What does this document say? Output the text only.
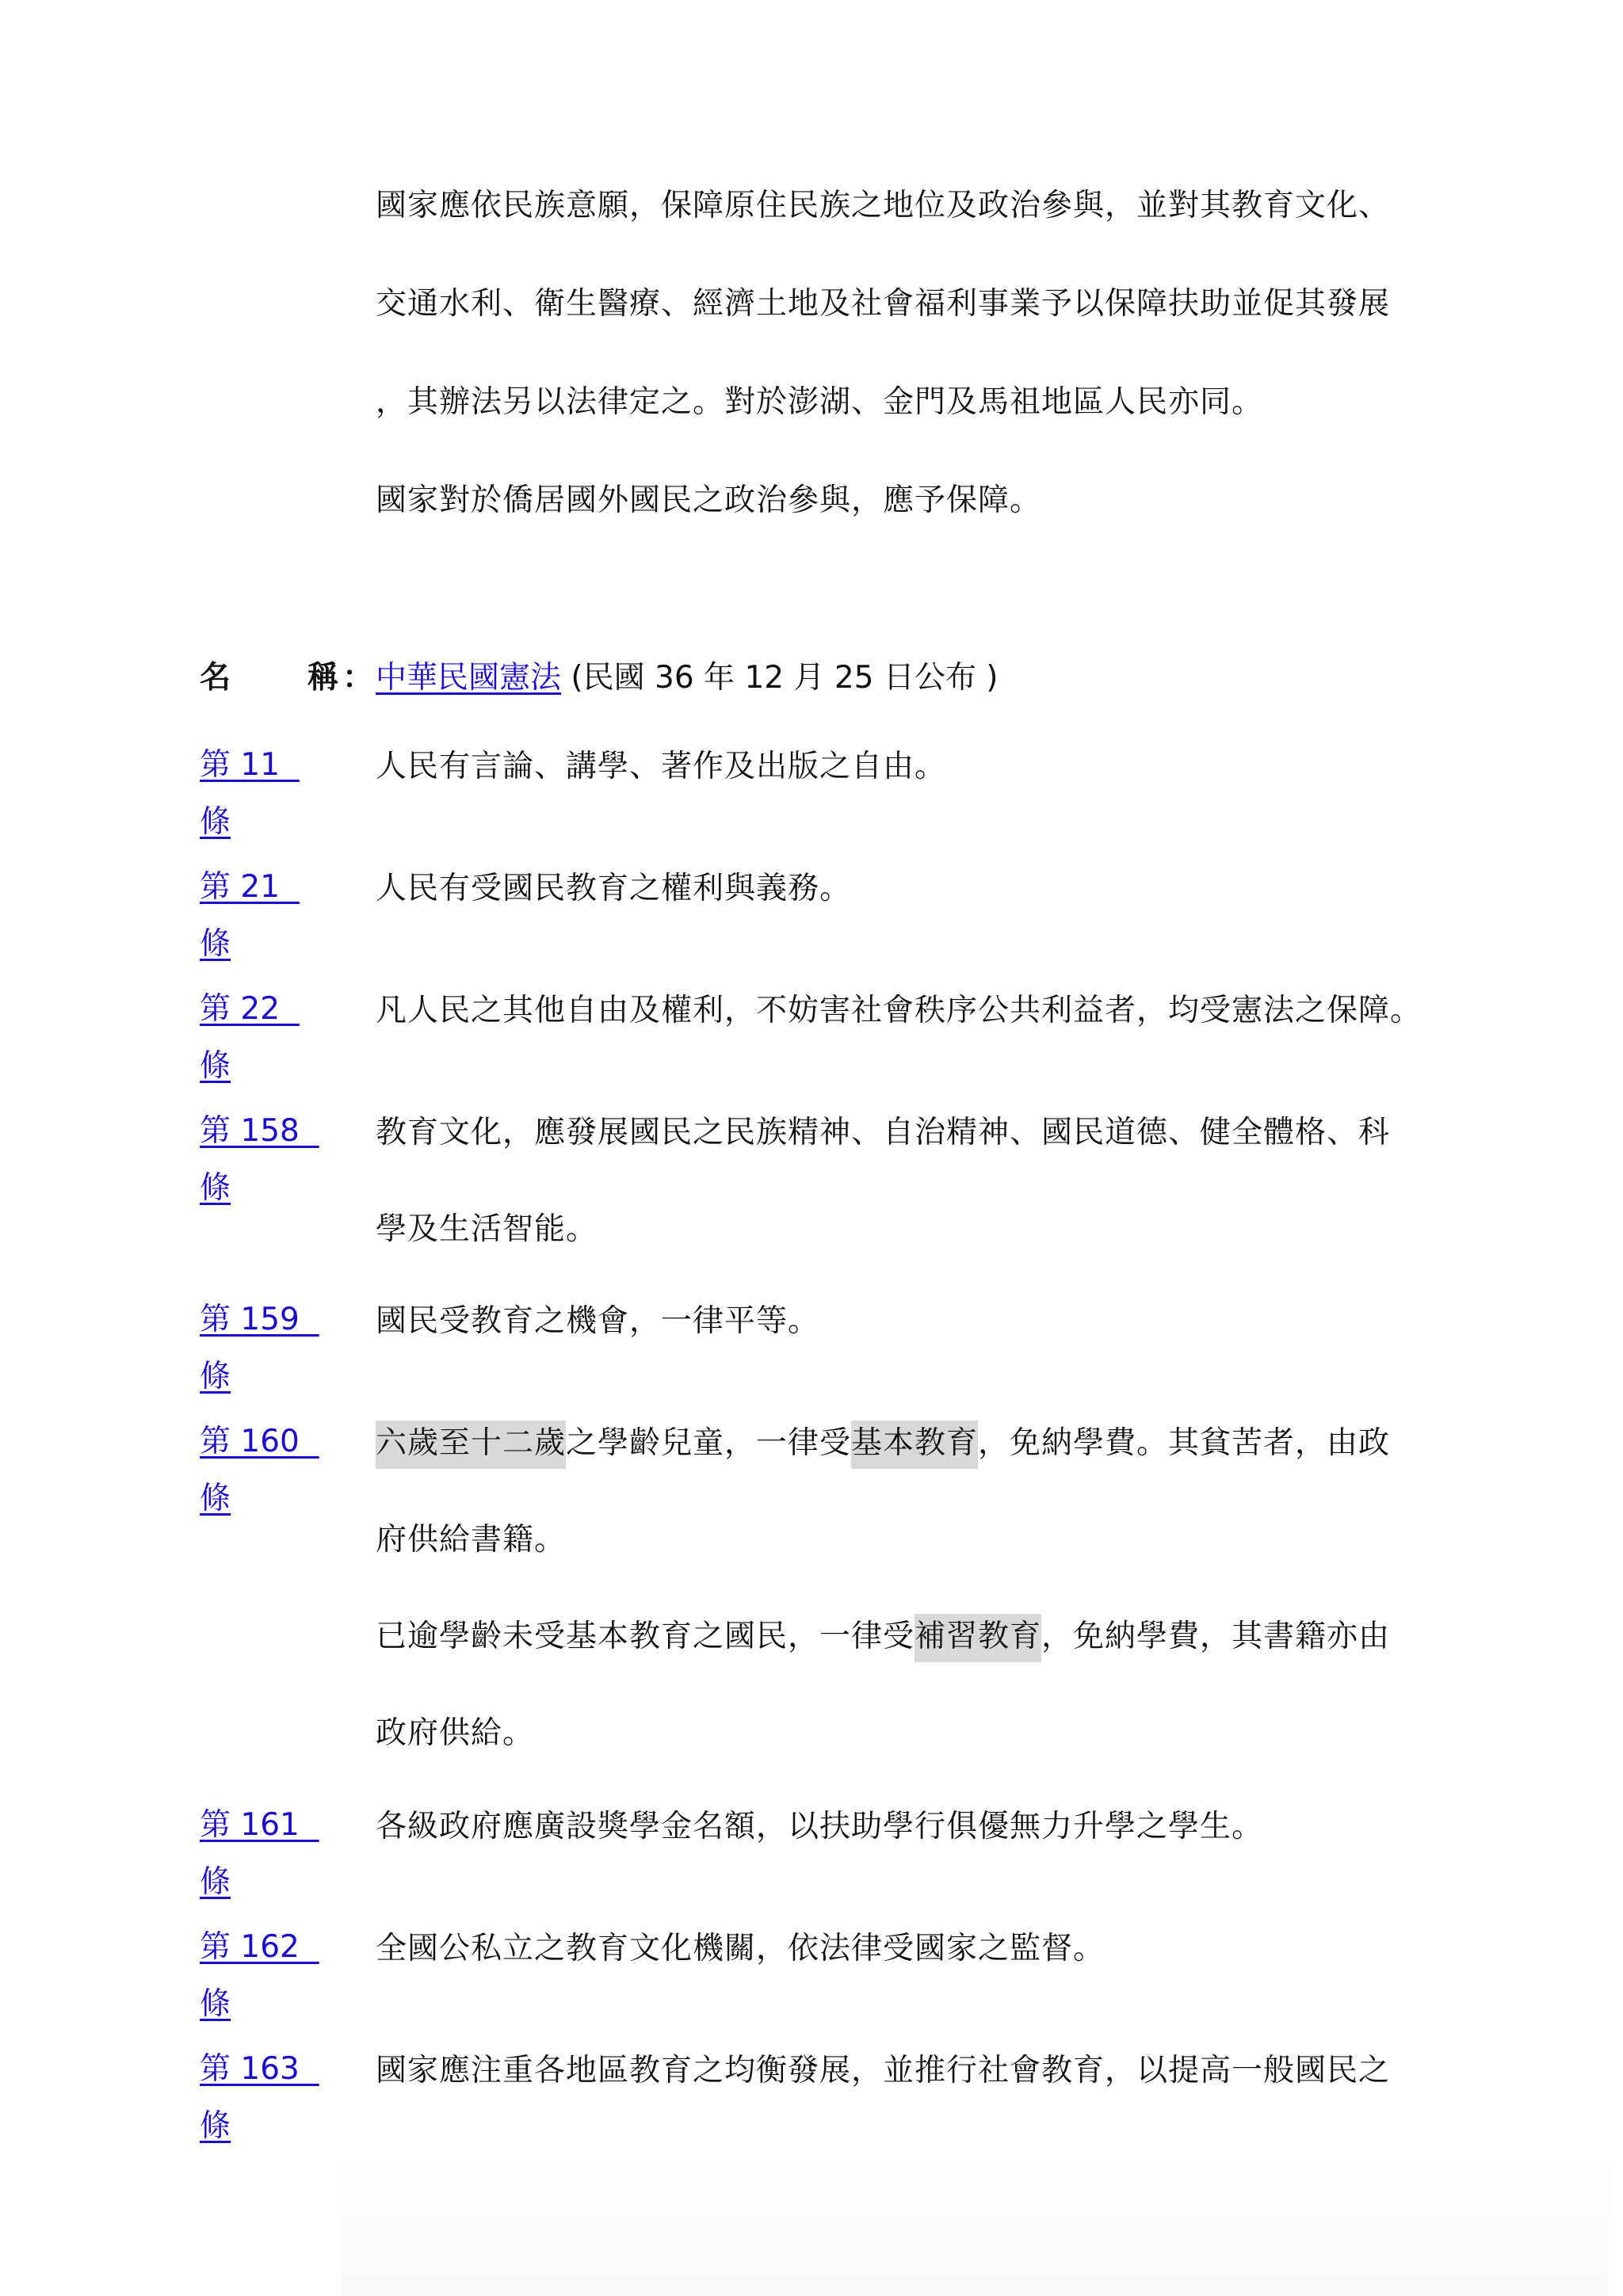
國家應依民族意願，保障原住民族之地位及政治參與，並對其教育文化、
交通水利、衛生醫療、經濟土地及社會福利事業予以保障扶助並促其發展
，其辦法另以法律定之。對於澎湖、金門及馬祖地區人民亦同。
國家對於僑居國外國民之政治參與，應予保障。
名 稱 ： 中華民國憲法 (民國 36 年 12 月 25 日公布 )
第 11
條
人民有言論、講學、著作及出版之自由。
第 21
條
人民有受國民教育之權利與義務。
第 22
條
凡人民之其他自由及權利，不妨害社會秩序公共利益者，均受憲法之保障。
第 158
條
教育文化，應發展國民之民族精神、自治精神、國民道德、健全體格、科
學及生活智能。
第 159
條
國民受教育之機會，一律平等。
第 160
條
六歲至十二歲之學齡兒童，一律受基本教育，免納學費。其貧苦者，由政
府供給書籍。
已逾學齡未受基本教育之國民，一律受補習教育，免納學費，其書籍亦由
政府供給。
第 161
條
各級政府應廣設獎學金名額，以扶助學行俱優無力升學之學生。
第 162
條
全國公私立之教育文化機關，依法律受國家之監督。
第 163
條
國家應注重各地區教育之均衡發展，並推行社會教育，以提高一般國民之
